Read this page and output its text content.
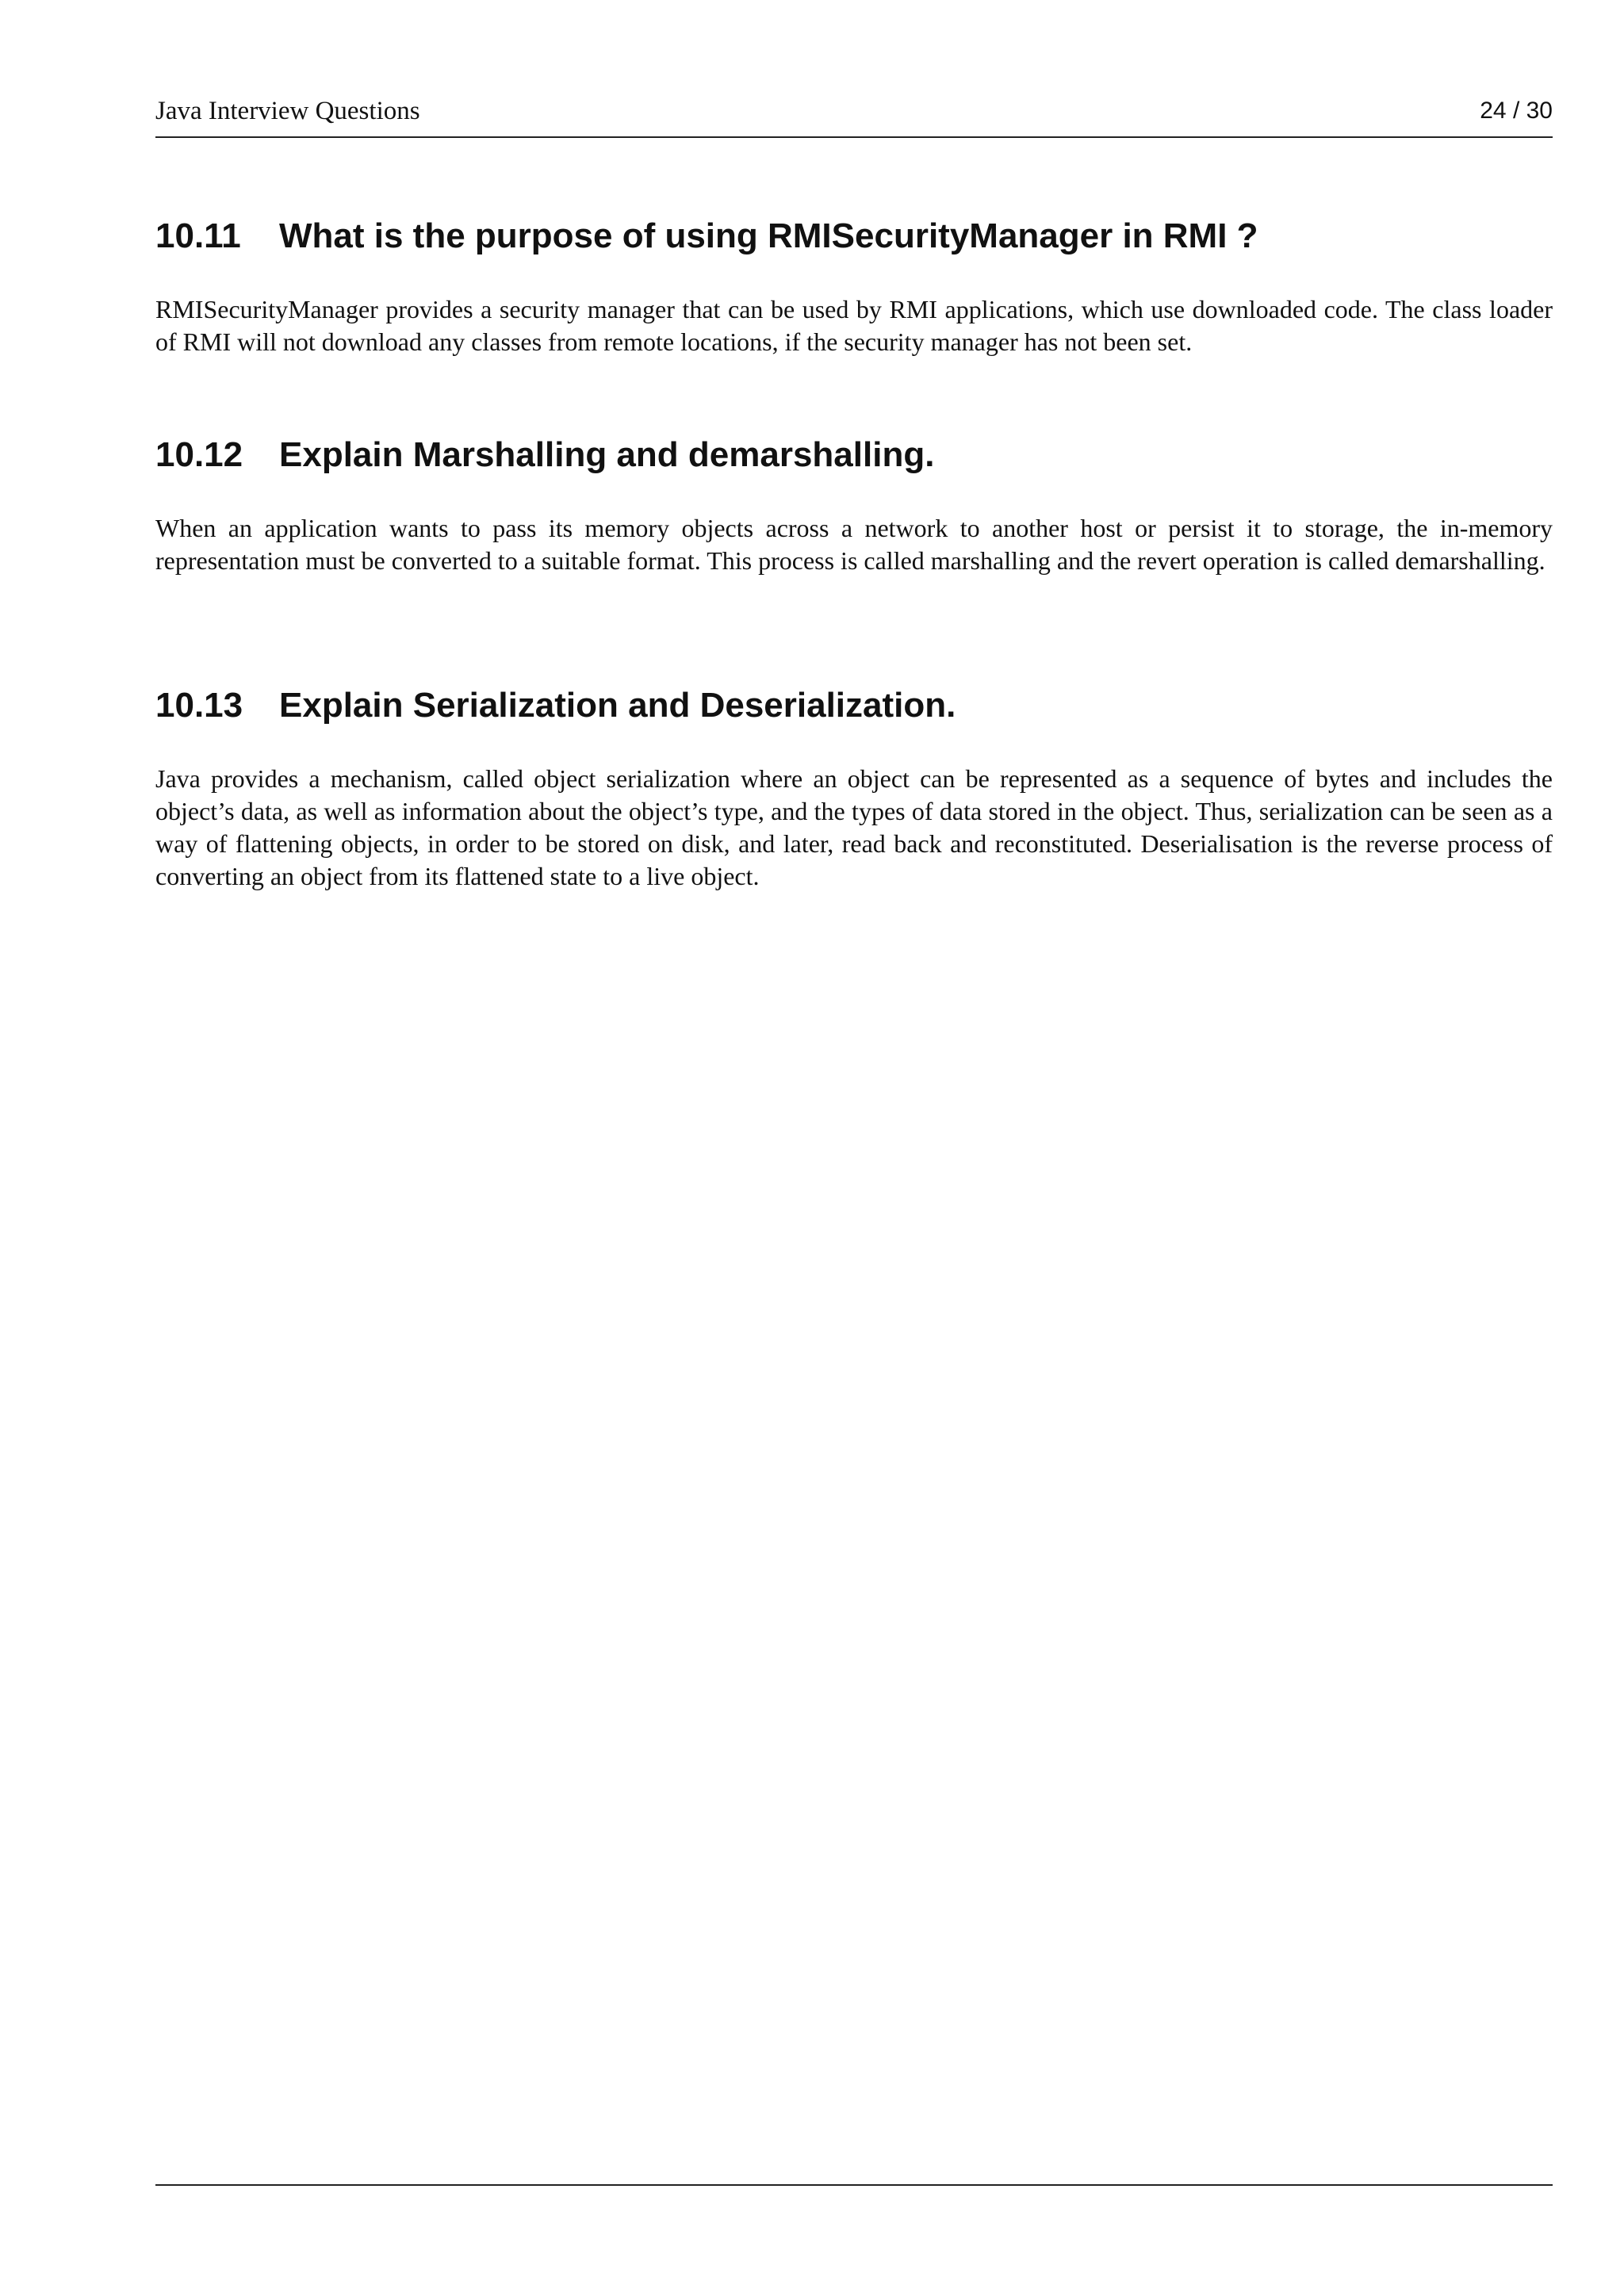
Java Interview Questions	24 / 30
10.11 What is the purpose of using RMISecurityManager in RMI ?

RMISecurityManager provides a security manager that can be used by RMI applications, which use downloaded code. The class loader of RMI will not download any classes from remote locations, if the security manager has not been set.

10.12 Explain Marshalling and demarshalling.

When an application wants to pass its memory objects across a network to another host or persist it to storage, the in-memory representation must be converted to a suitable format. This process is called marshalling and the revert operation is called demarshalling.

10.13 Explain Serialization and Deserialization.

Java provides a mechanism, called object serialization where an object can be represented as a sequence of bytes and includes the object’s data, as well as information about the object’s type, and the types of data stored in the object. Thus, serialization can be seen as a way of flattening objects, in order to be stored on disk, and later, read back and reconstituted. Deserialisation is the reverse process of converting an object from its flattened state to a live object.
